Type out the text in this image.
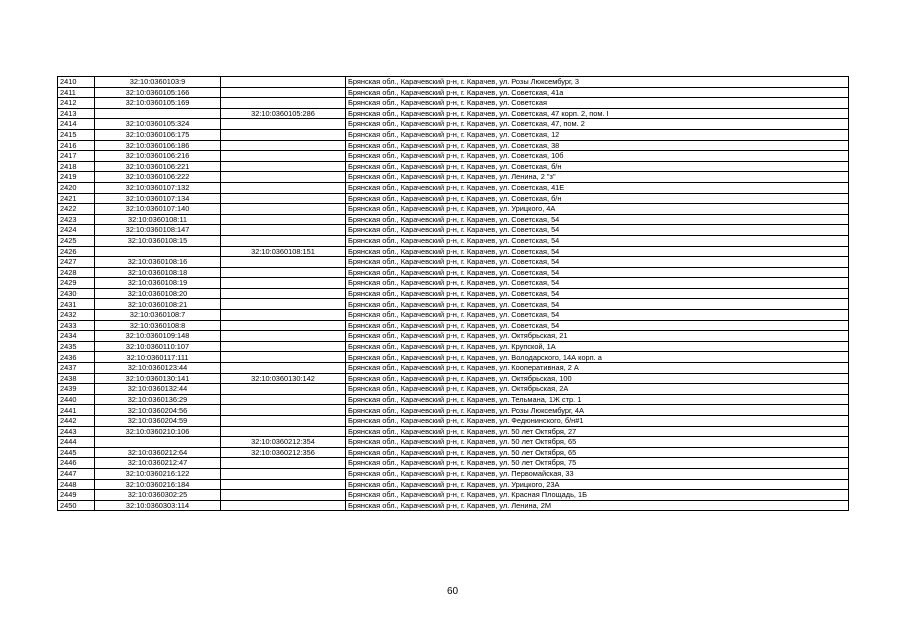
2410	32:10:0360103:9		Брянская обл., Карачевский р-н, г. Карачев, ул. Розы Люксембург, 3
2411	32:10:0360105:166		Брянская обл., Карачевский р-н, г. Карачев, ул. Советская, 41а
2412	32:10:0360105:169		Брянская обл., Карачевский р-н, г. Карачев, ул. Советская
2413		32:10:0360105:286	Брянская обл., Карачевский р-н, г. Карачев, ул. Советская, 47 корп. 2, пом. I
2414	32:10:0360105:324		Брянская обл., Карачевский р-н, г. Карачев, ул. Советская, 47, пом. 2
2415	32:10:0360106:175		Брянская обл., Карачевский р-н, г. Карачев, ул. Советская, 12
2416	32:10:0360106:186		Брянская обл., Карачевский р-н, г. Карачев, ул. Советская, 38
2417	32:10:0360106:216		Брянская обл., Карачевский р-н, г. Карачев, ул. Советская, 10б
2418	32:10:0360106:221		Брянская обл., Карачевский р-н, г. Карачев, ул. Советская, б/н
2419	32:10:0360106:222		Брянская обл., Карачевский р-н, г. Карачев, ул. Ленина, 2 "з"
2420	32:10:0360107:132		Брянская обл., Карачевский р-н, г. Карачев, ул. Советская, 41Е
2421	32:10:0360107:134		Брянская обл., Карачевский р-н, г. Карачев, ул. Советская, б/н
2422	32:10:0360107:140		Брянская обл., Карачевский р-н, г. Карачев, ул. Урицкого, 4А
2423	32:10:0360108:11		Брянская обл., Карачевский р-н, г. Карачев, ул. Советская, 54
2424	32:10:0360108:147		Брянская обл., Карачевский р-н, г. Карачев, ул. Советская, 54
2425	32:10:0360108:15		Брянская обл., Карачевский р-н, г. Карачев, ул. Советская, 54
2426		32:10:0360108:151	Брянская обл., Карачевский р-н, г. Карачев, ул. Советская, 54
2427	32:10:0360108:16		Брянская обл., Карачевский р-н, г. Карачев, ул. Советская, 54
2428	32:10:0360108:18		Брянская обл., Карачевский р-н, г. Карачев, ул. Советская, 54
2429	32:10:0360108:19		Брянская обл., Карачевский р-н, г. Карачев, ул. Советская, 54
2430	32:10:0360108:20		Брянская обл., Карачевский р-н, г. Карачев, ул. Советская, 54
2431	32:10:0360108:21		Брянская обл., Карачевский р-н, г. Карачев, ул. Советская, 54
2432	32:10:0360108:7		Брянская обл., Карачевский р-н, г. Карачев, ул. Советская, 54
2433	32:10:0360108:8		Брянская обл., Карачевский р-н, г. Карачев, ул. Советская, 54
2434	32:10:0360109:148		Брянская обл., Карачевский р-н, г. Карачев, ул. Октябрьская, 21
2435	32:10:0360110:107		Брянская обл., Карачевский р-н, г. Карачев, ул. Крупской, 1А
2436	32:10:0360117:111		Брянская обл., Карачевский р-н, г. Карачев, ул. Володарского, 14А корп. а
2437	32:10:0360123:44		Брянская обл., Карачевский р-н, г. Карачев, ул. Кооперативная, 2 А
2438	32:10:0360130:141	32:10:0360130:142	Брянская обл., Карачевский р-н, г. Карачев, ул. Октябрьская, 100
2439	32:10:0360132:44		Брянская обл., Карачевский р-н, г. Карачев, ул. Октябрьская, 2А
2440	32:10:0360136:29		Брянская обл., Карачевский р-н, г. Карачев, ул. Тельмана, 1Ж стр. 1
2441	32:10:0360204:56		Брянская обл., Карачевский р-н, г. Карачев, ул. Розы Люксембург, 4А
2442	32:10:0360204:59		Брянская обл., Карачевский р-н, г. Карачев, ул. Федюнинского, б/н#1
2443	32:10:0360210:106		Брянская обл., Карачевский р-н, г. Карачев, ул. 50 лет Октября, 27
2444		32:10:0360212:354	Брянская обл., Карачевский р-н, г. Карачев, ул. 50 лет Октября, 65
2445	32:10:0360212:64	32:10:0360212:356	Брянская обл., Карачевский р-н, г. Карачев, ул. 50 лет Октября, 65
2446	32:10:0360212:47		Брянская обл., Карачевский р-н, г. Карачев, ул. 50 лет Октября, 75
2447	32:10:0360216:122		Брянская обл., Карачевский р-н, г. Карачев, ул. Первомайская, 33
2448	32:10:0360216:184		Брянская обл., Карачевский р-н, г. Карачев, ул. Урицкого, 23А
2449	32:10:0360302:25		Брянская обл., Карачевский р-н, г. Карачев, ул. Красная Площадь, 1Б
2450	32:10:0360303:114		Брянская обл., Карачевский р-н, г. Карачев, ул. Ленина, 2М
60
